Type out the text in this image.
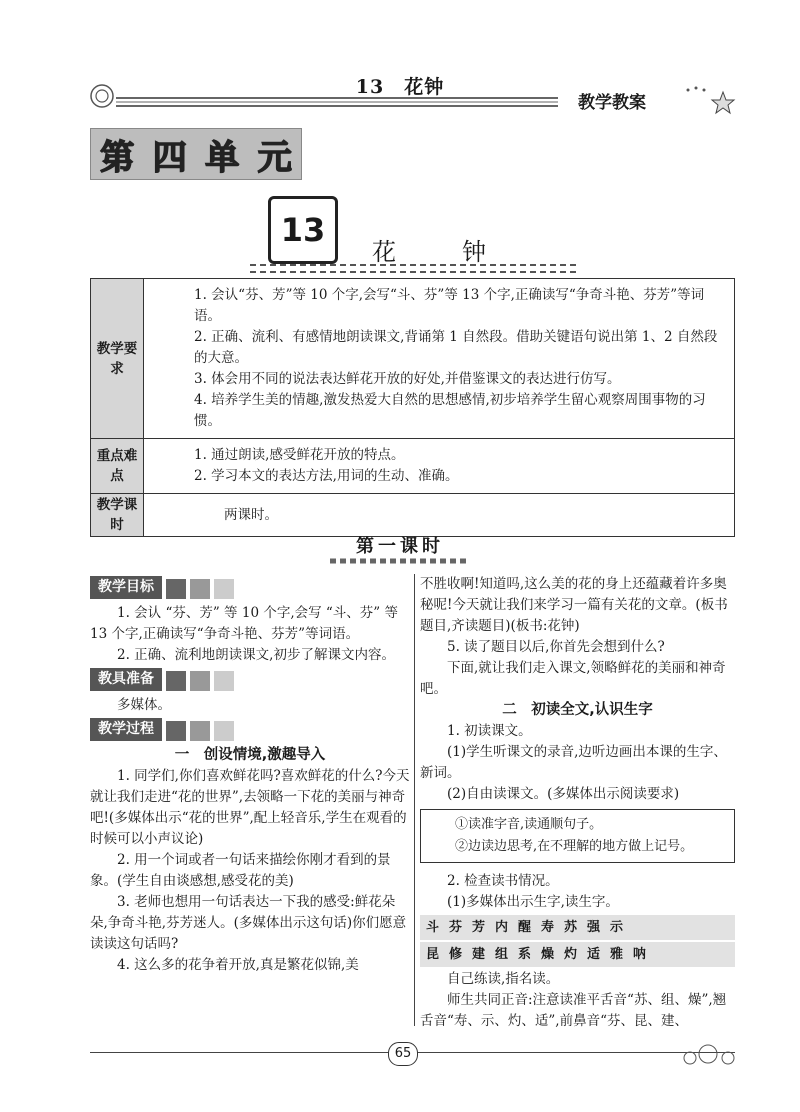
13　花钟
教学教案
第 四 单 元
13
花	钟
教学要求	1. 会认“芬、芳”等 10 个字,会写“斗、芬”等 13 个字,正确读写“争奇斗艳、芬芳”等词语。

2. 正确、流利、有感情地朗读课文,背诵第 1 自然段。借助关键语句说出第 1、2 自然段的大意。

3. 体会用不同的说法表达鲜花开放的好处,并借鉴课文的表达进行仿写。

4. 培养学生美的情趣,激发热爱大自然的思想感情,初步培养学生留心观察周围事物的习惯。

重点难点	1. 通过朗读,感受鲜花开放的特点。

2. 学习本文的表达方法,用词的生动、准确。

教学课时	两课时。
第一课时
教学目标

1. 会认 “芬、芳” 等 10 个字,会写 “斗、芬” 等 13 个字,正确读写“争奇斗艳、芬芳”等词语。

2. 正确、流利地朗读课文,初步了解课文内容。

教具准备

多媒体。

教学过程

一　创设情境,激趣导入

1. 同学们,你们喜欢鲜花吗?喜欢鲜花的什么?今天就让我们走进“花的世界”,去领略一下花的美丽与神奇吧!(多媒体出示“花的世界”,配上轻音乐,学生在观看的时候可以小声议论)

2. 用一个词或者一句话来描绘你刚才看到的景象。(学生自由谈感想,感受花的美)

3. 老师也想用一句话表达一下我的感受:鲜花朵朵,争奇斗艳,芬芳迷人。(多媒体出示这句话)你们愿意读读这句话吗?

4. 这么多的花争着开放,真是繁花似锦,美

不胜收啊!知道吗,这么美的花的身上还蕴藏着许多奥秘呢!今天就让我们来学习一篇有关花的文章。(板书题目,齐读题目)(板书:花钟)

5. 读了题目以后,你首先会想到什么?

下面,就让我们走入课文,领略鲜花的美丽和神奇吧。

二　初读全文,认识生字

1. 初读课文。

(1)学生听课文的录音,边听边画出本课的生字、新词。

(2)自由读课文。(多媒体出示阅读要求)

①读准字音,读通顺句子。

②边读边思考,在不理解的地方做上记号。

2. 检查读书情况。

(1)多媒体出示生字,读生字。

斗芬芳内醒寿苏强示
昆修建组系燥灼适雅呐

自己练读,指名读。

师生共同正音:注意读准平舌音“苏、组、燥”,翘舌音“寿、示、灼、适”,前鼻音“芬、昆、建、

65
